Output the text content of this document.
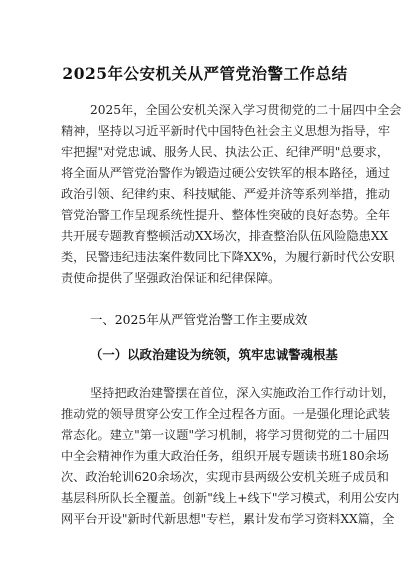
2025年公安机关从严管党治警工作总结
2025年，全国公安机关深入学习贯彻党的二十届四中全会
精神，坚持以习近平新时代中国特色社会主义思想为指导，牢
牢把握"对党忠诚、服务人民、执法公正、纪律严明"总要求，
将全面从严管党治警作为锻造过硬公安铁军的根本路径，通过
政治引领、纪律约束、科技赋能、严爱并济等系列举措，推动
管党治警工作呈现系统性提升、整体性突破的良好态势。全年
共开展专题教育整顿活动XX场次，排查整治队伍风险隐患XX
类，民警违纪违法案件数同比下降XX%，为履行新时代公安职
责使命提供了坚强政治保证和纪律保障。
一、2025年从严管党治警工作主要成效
（一）以政治建设为统领，筑牢忠诚警魂根基
坚持把政治建警摆在首位，深入实施政治工作行动计划，
推动党的领导贯穿公安工作全过程各方面。一是强化理论武装
常态化。建立"第一议题"学习机制，将学习贯彻党的二十届四
中全会精神作为重大政治任务，组织开展专题读书班180余场
次、政治轮训620余场次，实现市县两级公安机关班子成员和
基层科所队长全覆盖。创新"线上+线下"学习模式，利用公安内
网平台开设"新时代新思想"专栏，累计发布学习资料XX篇，全
